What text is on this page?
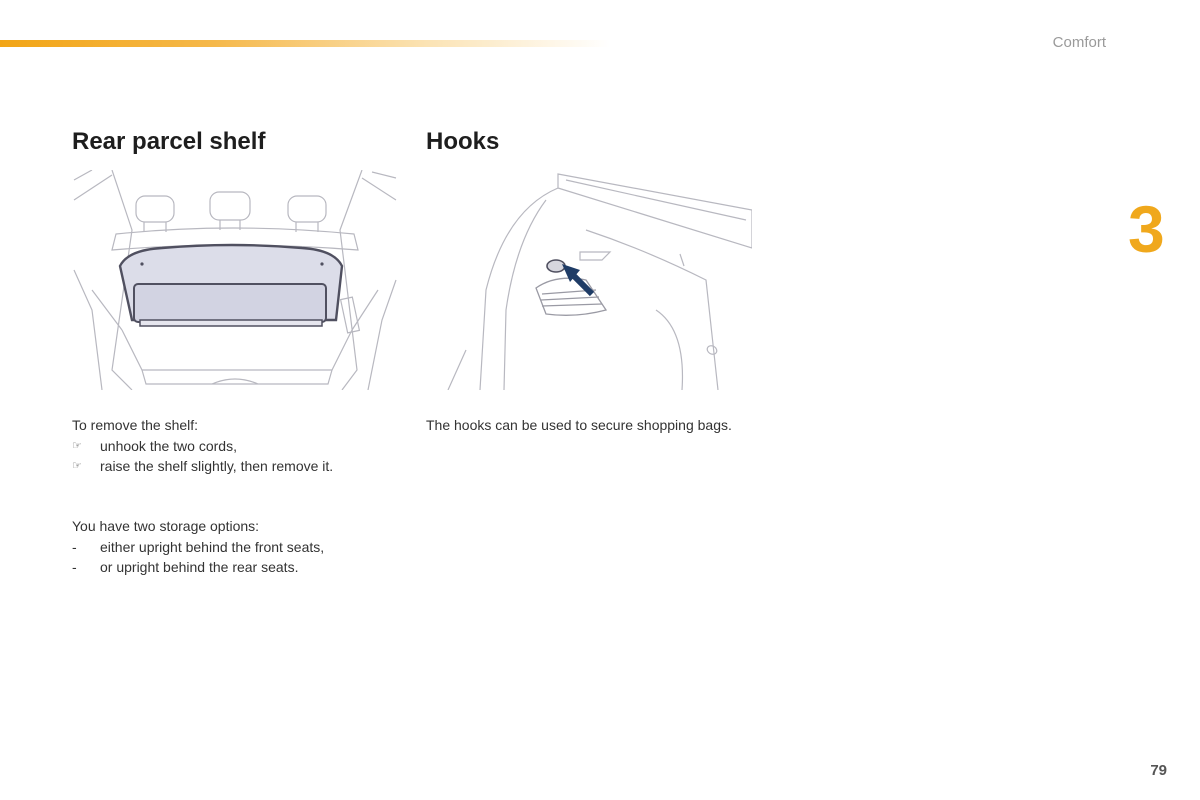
Comfort
3
79
Rear parcel shelf	Hooks
To remove the shelf:
☞	unhook the two cords,
☞	raise the shelf slightly, then remove it.
You have two storage options:
-	either upright behind the front seats,
-	or upright behind the rear seats.
The hooks can be used to secure shopping bags.
